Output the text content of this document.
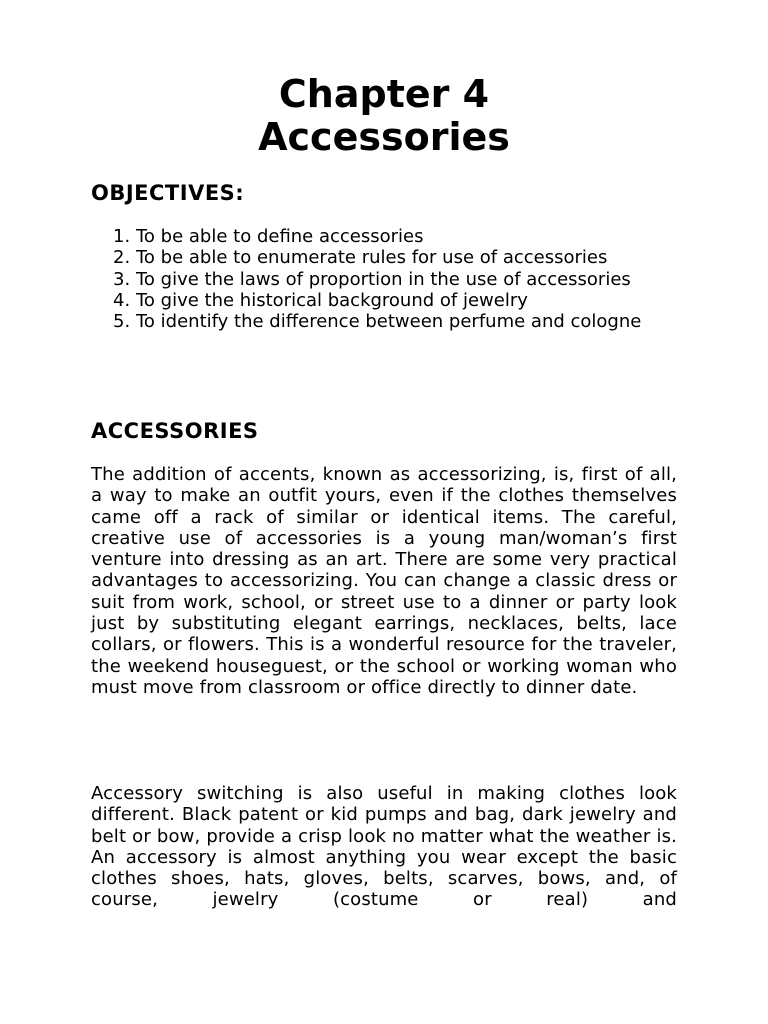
Chapter 4
Accessories
OBJECTIVES:
1. To be able to define accessories
2. To be able to enumerate rules for use of accessories
3. To give the laws of proportion in the use of accessories
4. To give the historical background of jewelry
5. To identify the difference between perfume and cologne
ACCESSORIES

The addition of accents, known as accessorizing, is, first of all, a way to make an outfit yours, even if the clothes themselves came off a rack of similar or identical items. The careful, creative use of accessories is a young man/woman’s first venture into dressing as an art. There are some very practical advantages to accessorizing. You can change a classic dress or suit from work, school, or street use to a dinner or party look just by substituting elegant earrings, necklaces, belts, lace collars, or flowers. This is a wonderful resource for the traveler, the weekend houseguest, or the school or working woman who must move from classroom or office directly to dinner date.

Accessory switching is also useful in making clothes look different. Black patent or kid pumps and bag, dark jewelry and belt or bow, provide a crisp look no matter what the weather is. An accessory is almost anything you wear except the basic clothes shoes, hats, gloves, belts, scarves, bows, and, of course, jewelry (costume or real) and
